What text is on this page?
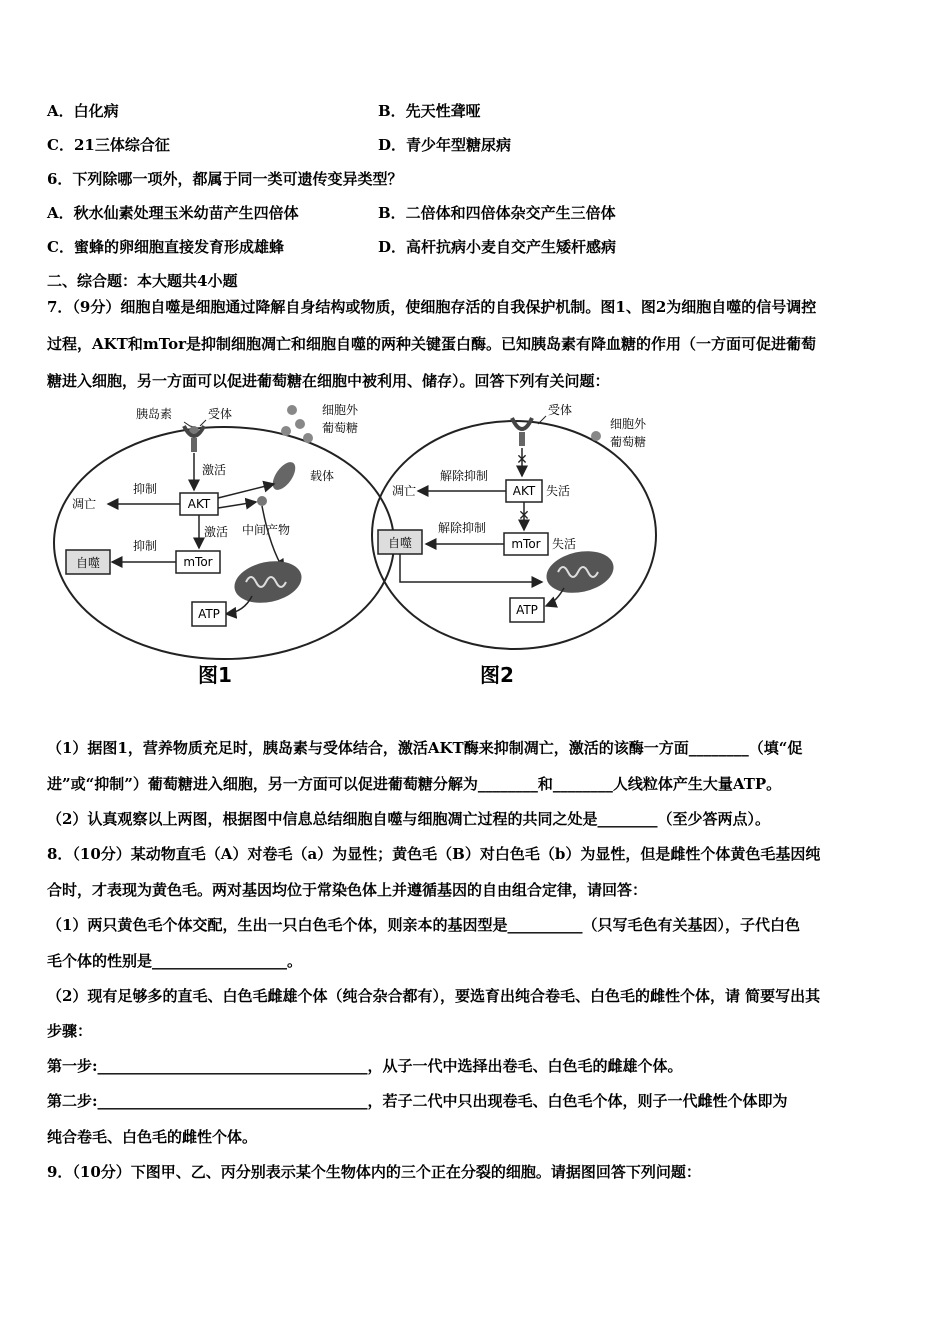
A．白化病	B．先天性聋哑
C．21三体综合征	D．青少年型糖尿病
6．下列除哪一项外，都属于同一类可遗传变异类型？
A．秋水仙素处理玉米幼苗产生四倍体	B．二倍体和四倍体杂交产生三倍体
C．蜜蜂的卵细胞直接发育形成雄蜂	D．高杆抗病小麦自交产生矮杆感病
二、综合题：本大题共4小题
7．（9分）细胞自噬是细胞通过降解自身结构或物质，使细胞存活的自我保护机制。图1、图2为细胞自噬的信号调控
过程，AKT和mTor是抑制细胞凋亡和细胞自噬的两种关键蛋白酶。已知胰岛素有降血糖的作用（一方面可促进葡萄
糖进入细胞，另一方面可以促进葡萄糖在细胞中被利用、储存）。回答下列有关问题：
胰岛素	受体	细胞外
葡萄糖
载体
激活
AKT
抑制
凋亡
激活 中间产物
mTor
抑制
自噬
ATP
图1
受体
细胞外
葡萄糖
✕
AKT 失活
解除抑制
凋亡
✕
mTor 失活
解除抑制
自噬
ATP
图2
（1）据图1，营养物质充足时，胰岛素与受体结合，激活AKT酶来抑制凋亡，激活的该酶一方面________（填“促
进”或“抑制”）葡萄糖进入细胞，另一方面可以促进葡萄糖分解为________和________人线粒体产生大量ATP。
（2）认真观察以上两图，根据图中信息总结细胞自噬与细胞凋亡过程的共同之处是________（至少答两点）。
8．（10分）某动物直毛（A）对卷毛（a）为显性；黄色毛（B）对白色毛（b）为显性，但是雌性个体黄色毛基因纯
合时，才表现为黄色毛。两对基因均位于常染色体上并遵循基因的自由组合定律，请回答：
（1）两只黄色毛个体交配，生出一只白色毛个体，则亲本的基因型是__________（只写毛色有关基因），子代白色
毛个体的性别是__________________。
（2）现有足够多的直毛、白色毛雌雄个体（纯合杂合都有），要选育出纯合卷毛、白色毛的雌性个体，请 简要写出其
步骤：
第一步:____________________________________，从子一代中选择出卷毛、白色毛的雌雄个体。
第二步:____________________________________，若子二代中只出现卷毛、白色毛个体，则子一代雌性个体即为
纯合卷毛、白色毛的雌性个体。
9．（10分）下图甲、乙、丙分别表示某个生物体内的三个正在分裂的细胞。请据图回答下列问题：
